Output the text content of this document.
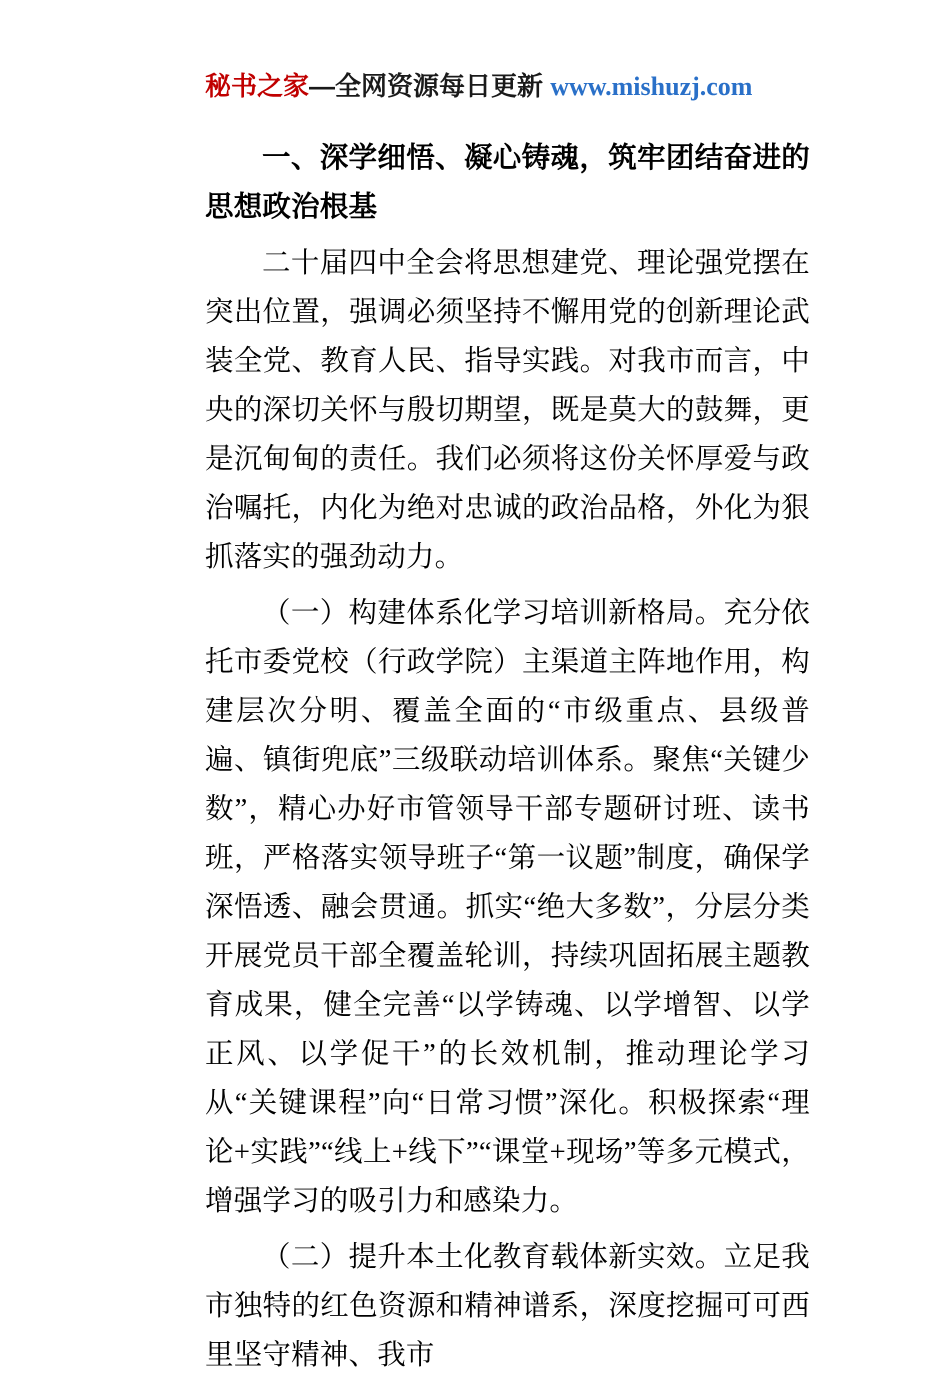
秘书之家—全网资源每日更新 www.mishuzj.com

一、深学细悟、凝心铸魂，筑牢团结奋进的思想政治根基

二十届四中全会将思想建党、理论强党摆在突出位置，强调必须坚持不懈用党的创新理论武装全党、教育人民、指导实践。对我市而言，中央的深切关怀与殷切期望，既是莫大的鼓舞，更是沉甸甸的责任。我们必须将这份关怀厚爱与政治嘱托，内化为绝对忠诚的政治品格，外化为狠抓落实的强劲动力。

（一）构建体系化学习培训新格局。充分依托市委党校（行政学院）主渠道主阵地作用，构建层次分明、覆盖全面的“市级重点、县级普遍、镇街兜底”三级联动培训体系。聚焦“关键少数”，精心办好市管领导干部专题研讨班、读书班，严格落实领导班子“第一议题”制度，确保学深悟透、融会贯通。抓实“绝大多数”，分层分类开展党员干部全覆盖轮训，持续巩固拓展主题教育成果，健全完善“以学铸魂、以学增智、以学正风、以学促干”的长效机制，推动理论学习从“关键课程”向“日常习惯”深化。积极探索“理论+实践”“线上+线下”“课堂+现场”等多元模式，增强学习的吸引力和感染力。

（二）提升本土化教育载体新实效。立足我市独特的红色资源和精神谱系，深度挖掘可可西里坚守精神、我市
